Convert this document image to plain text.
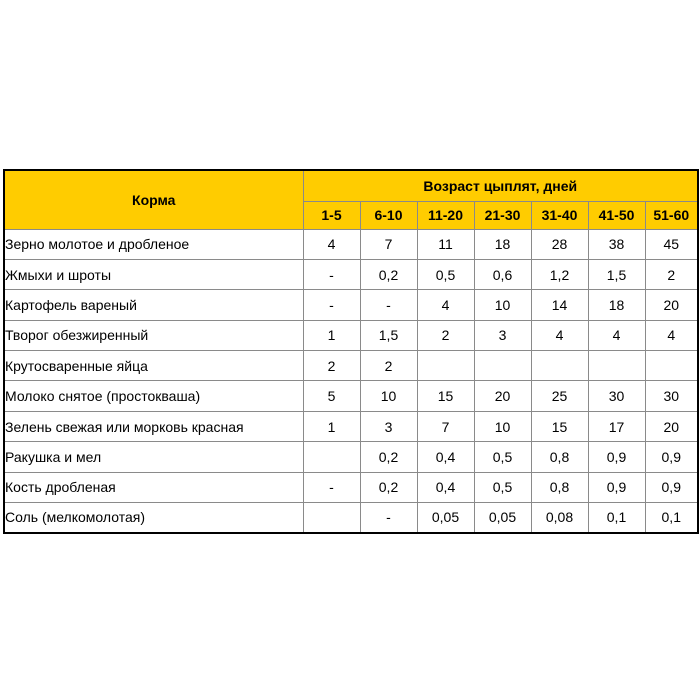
Корма	Возраст цыплят, дней						
	1-5	6-10	11-20	21-30	31-40	41-50	51-60
Зерно молотое и дробленое	4	7	11	18	28	38	45
Жмыхи и шроты	-	0,2	0,5	0,6	1,2	1,5	2
Картофель вареный	-	-	4	10	14	18	20
Творог обезжиренный	1	1,5	2	3	4	4	4
Крутосваренные яйца	2	2					
Молоко снятое (простокваша)	5	10	15	20	25	30	30
Зелень свежая или морковь красная	1	3	7	10	15	17	20
Ракушка и мел		0,2	0,4	0,5	0,8	0,9	0,9
Кость дробленая	-	0,2	0,4	0,5	0,8	0,9	0,9
Соль (мелкомолотая)		-	0,05	0,05	0,08	0,1	0,1
